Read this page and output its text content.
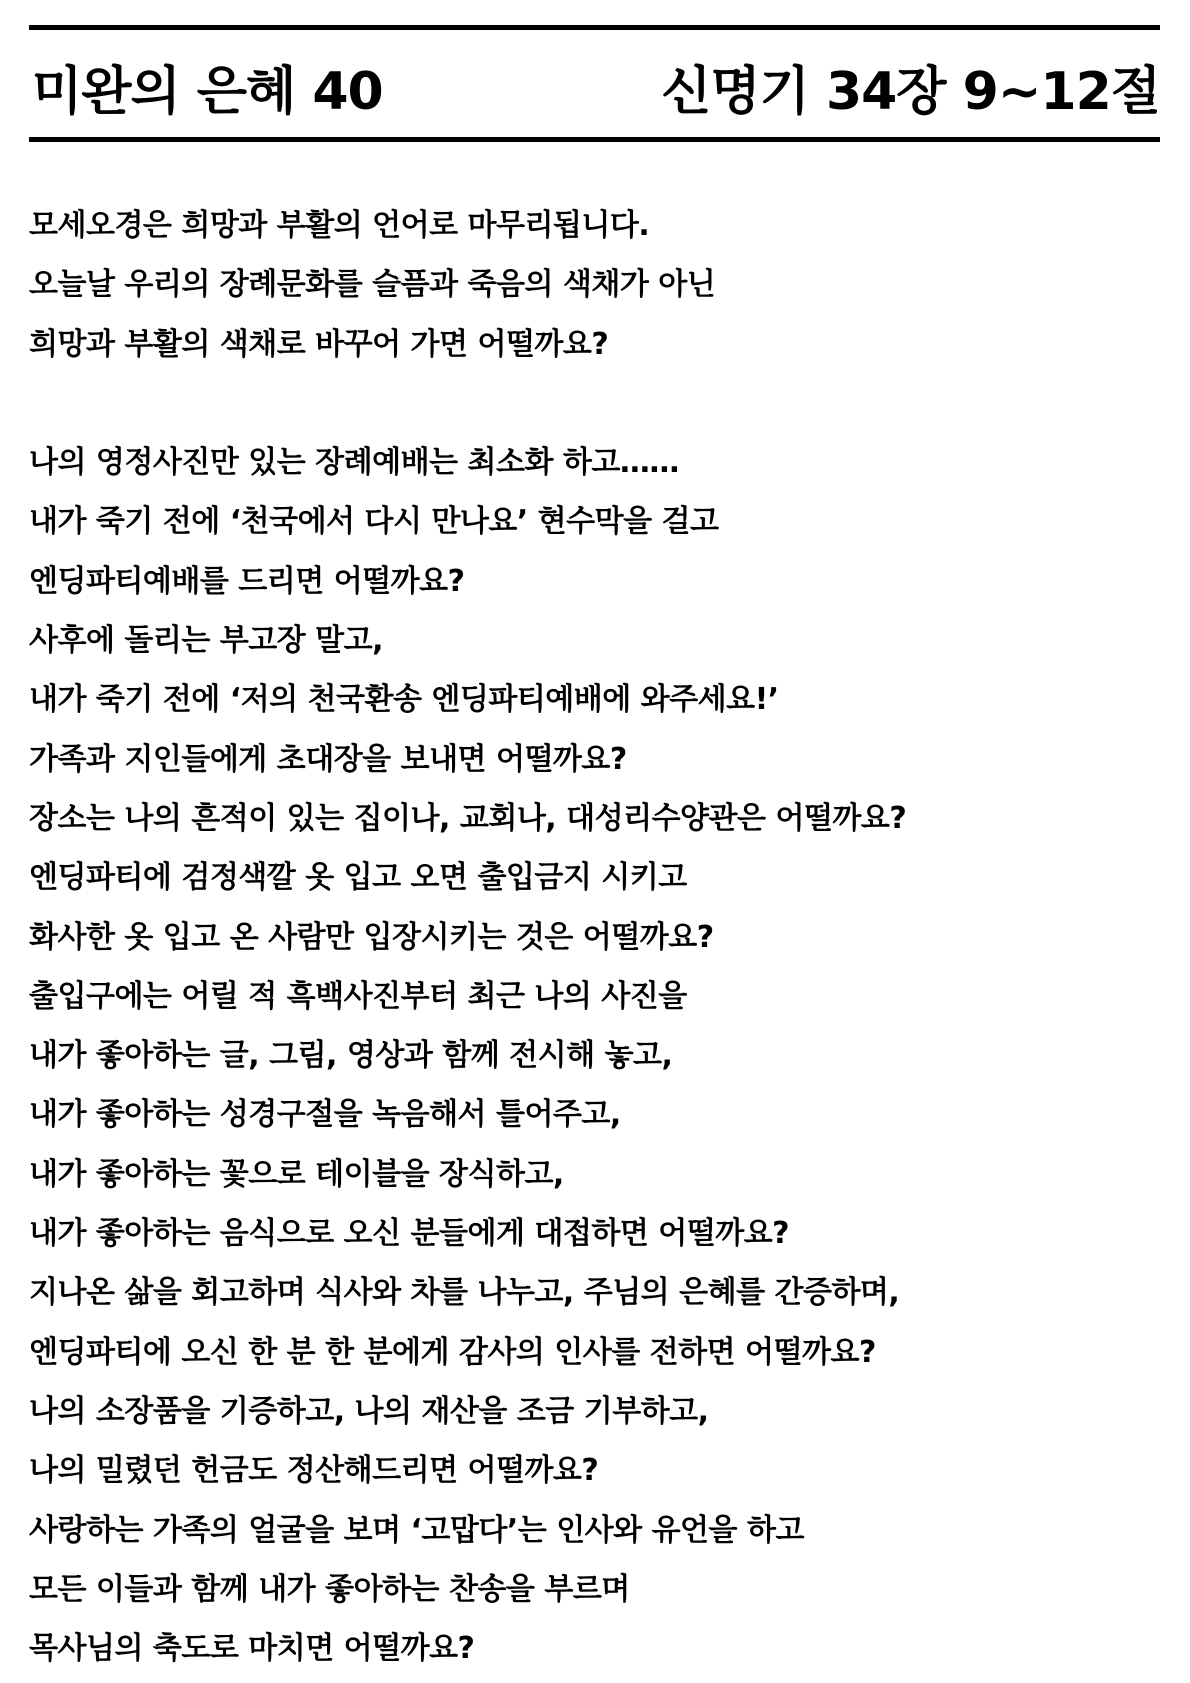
미완의 은혜 40	신명기 34장 9~12절
모세오경은 희망과 부활의 언어로 마무리됩니다.
오늘날 우리의 장례문화를 슬픔과 죽음의 색채가 아닌
희망과 부활의 색채로 바꾸어 가면 어떨까요?
나의 영정사진만 있는 장례예배는 최소화 하고……
내가 죽기 전에 ‘천국에서 다시 만나요’ 현수막을 걸고
엔딩파티예배를 드리면 어떨까요?
사후에 돌리는 부고장 말고,
내가 죽기 전에 ‘저의 천국환송 엔딩파티예배에 와주세요!’
가족과 지인들에게 초대장을 보내면 어떨까요?
장소는 나의 흔적이 있는 집이나, 교회나, 대성리수양관은 어떨까요?
엔딩파티에 검정색깔 옷 입고 오면 출입금지 시키고
화사한 옷 입고 온 사람만 입장시키는 것은 어떨까요?
출입구에는 어릴 적 흑백사진부터 최근 나의 사진을
내가 좋아하는 글, 그림, 영상과 함께 전시해 놓고,
내가 좋아하는 성경구절을 녹음해서 틀어주고,
내가 좋아하는 꽃으로 테이블을 장식하고,
내가 좋아하는 음식으로 오신 분들에게 대접하면 어떨까요?
지나온 삶을 회고하며 식사와 차를 나누고, 주님의 은혜를 간증하며,
엔딩파티에 오신 한 분 한 분에게 감사의 인사를 전하면 어떨까요?
나의 소장품을 기증하고, 나의 재산을 조금 기부하고,
나의 밀렸던 헌금도 정산해드리면 어떨까요?
사랑하는 가족의 얼굴을 보며 ‘고맙다’는 인사와 유언을 하고
모든 이들과 함께 내가 좋아하는 찬송을 부르며
목사님의 축도로 마치면 어떨까요?
